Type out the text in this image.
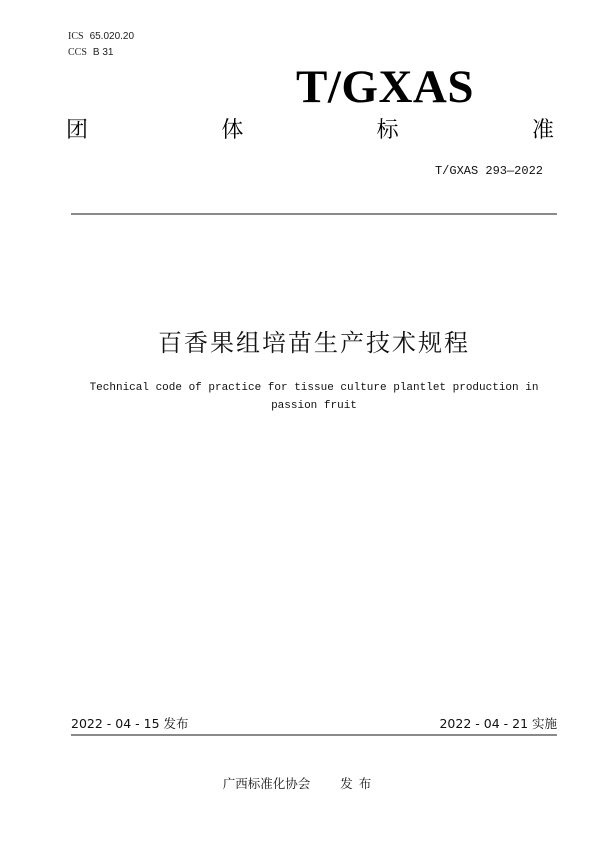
ICS 65.020.20
CCS B 31
T/GXAS
团	体	标	准
T/GXAS 293—2022
百香果组培苗生产技术规程
Technical code of practice for tissue culture plantlet production in
passion fruit
2022 - 04 - 15 发布	2022 - 04 - 21 实施
广西标准化协会 发布
